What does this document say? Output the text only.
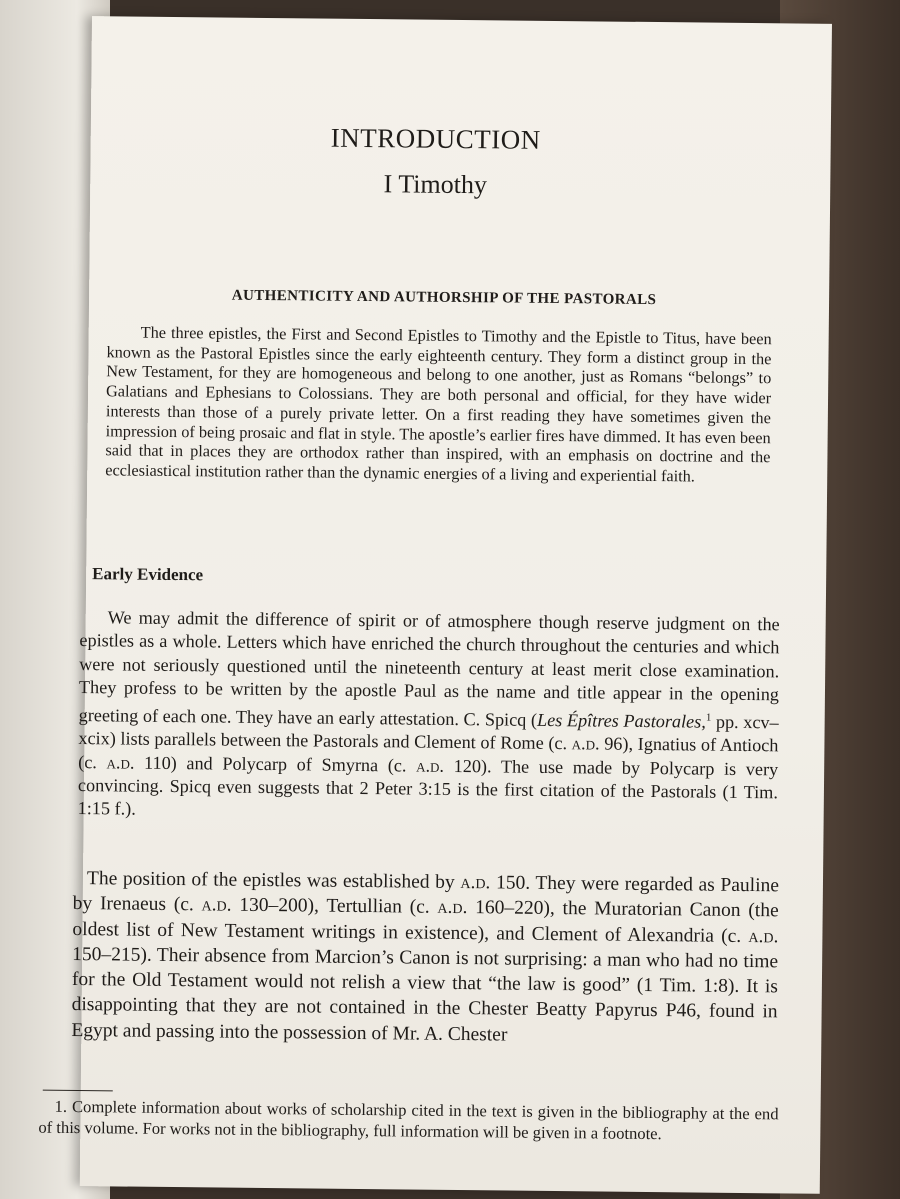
INTRODUCTION
I Timothy
AUTHENTICITY AND AUTHORSHIP OF THE PASTORALS

The three epistles, the First and Second Epistles to Timothy and the Epistle to Titus, have been known as the Pastoral Epistles since the early eighteenth century. They form a distinct group in the New Testament, for they are homogeneous and belong to one another, just as Romans “belongs” to Galatians and Ephesians to Colossians. They are both personal and official, for they have wider interests than those of a purely private letter. On a first reading they have sometimes given the impression of being prosaic and flat in style. The apostle’s earlier fires have dimmed. It has even been said that in places they are orthodox rather than inspired, with an emphasis on doctrine and the ecclesiastical institution rather than the dynamic energies of a living and experiential faith.

Early Evidence

We may admit the difference of spirit or of atmosphere though reserve judgment on the epistles as a whole. Letters which have enriched the church throughout the centuries and which were not seriously questioned until the nineteenth century at least merit close examination. They profess to be written by the apostle Paul as the name and title appear in the opening greeting of each one. They have an early attestation. C. Spicq (Les Épîtres Pastorales,$^1$ pp. xcv–xcix) lists parallels between the Pastorals and Clement of Rome (c. a.d. 96), Ignatius of Antioch (c. a.d. 110) and Polycarp of Smyrna (c. a.d. 120). The use made by Polycarp is very convincing. Spicq even suggests that 2 Peter 3:15 is the first citation of the Pastorals (1 Tim. 1:15 f.).

The position of the epistles was established by a.d. 150. They were regarded as Pauline by Irenaeus (c. a.d. 130–200), Tertullian (c. a.d. 160–220), the Muratorian Canon (the oldest list of New Testament writings in existence), and Clement of Alexandria (c. a.d. 150–215). Their absence from Marcion’s Canon is not surprising: a man who had no time for the Old Testament would not relish a view that “the law is good” (1 Tim. 1:8). It is disappointing that they are not contained in the Chester Beatty Papyrus P46, found in Egypt and passing into the possession of Mr. A. Chester

1. Complete information about works of scholarship cited in the text is given in the bibliography at the end of this volume. For works not in the bibliography, full information will be given in a footnote.
